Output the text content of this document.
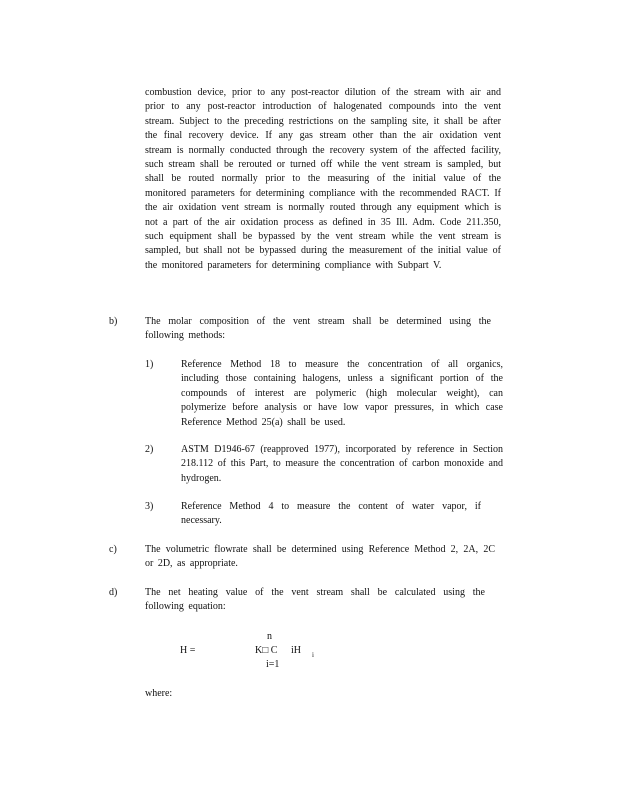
combustion device, prior to any post-reactor dilution of the stream with air and prior to any post-reactor introduction of halogenated compounds into the vent stream. Subject to the preceding restrictions on the sampling site, it shall be after the final recovery device. If any gas stream other than the air oxidation vent stream is normally conducted through the recovery system of the affected facility, such stream shall be rerouted or turned off while the vent stream is sampled, but shall be routed normally prior to the measuring of the initial value of the monitored parameters for determining compliance with the recommended RACT. If the air oxidation vent stream is normally routed through any equipment which is not a part of the air oxidation process as defined in 35 Ill. Adm. Code 211.350, such equipment shall be bypassed by the vent stream while the vent stream is sampled, but shall not be bypassed during the measurement of the initial value of the monitored parameters for determining compliance with Subpart V.
b)	The molar composition of the vent stream shall be determined using the following methods:
1)	Reference Method 18 to measure the concentration of all organics, including those containing halogens, unless a significant portion of the compounds of interest are polymeric (high molecular weight), can polymerize before analysis or have low vapor pressures, in which case Reference Method 25(a) shall be used.
2)	ASTM D1946-67 (reapproved 1977), incorporated by reference in Section 218.112 of this Part, to measure the concentration of carbon monoxide and hydrogen.
3)	Reference Method 4 to measure the content of water vapor, if necessary.
c)	The volumetric flowrate shall be determined using Reference Method 2, 2A, 2C or 2D, as appropriate.
d)	The net heating value of the vent stream shall be calculated using the following equation:
n
H =	K□ C  iH i
i=1
where:
